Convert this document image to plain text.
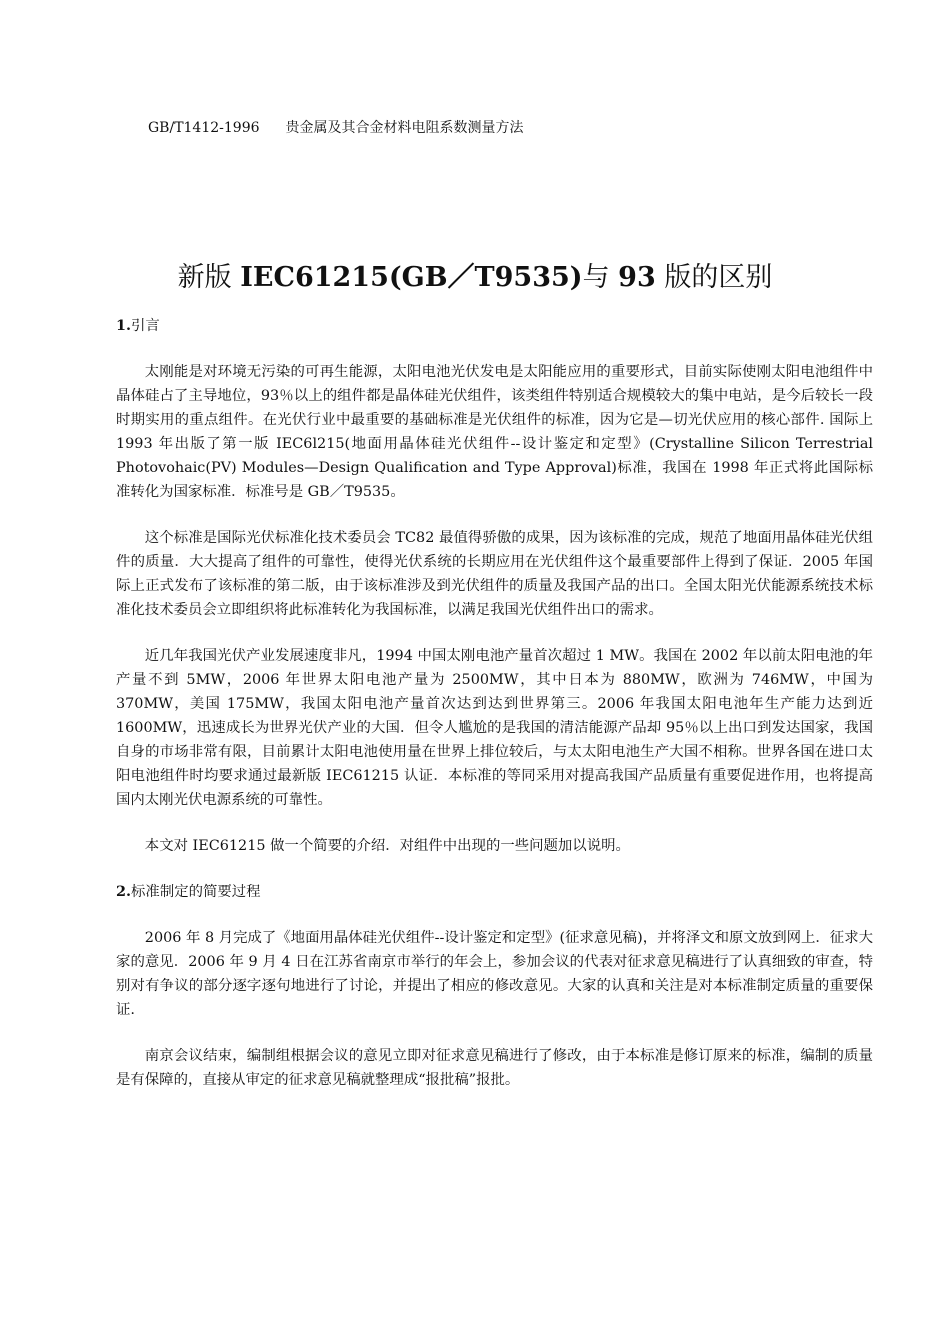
GB/T1412-1996 贵金属及其合金材料电阻系数测量方法
新版 IEC61215(GB／T9535)与 93 版的区别
1.引言

太刚能是对环境无污染的可再生能源，太阳电池光伏发电是太阳能应用的重要形式，目前实际使刚太阳电池组件中晶体硅占了主导地位，93％以上的组件都是晶体硅光伏组件，该类组件特别适合规模较大的集中电站，是今后较长一段时期实用的重点组件。在光伏行业中最重要的基础标准是光伏组件的标准，因为它是—切光伏应用的核心部件. 国际上 1993 年出版了第一版 IEC6l215(地面用晶体硅光伏组件--设计鉴定和定型》(Crystalline Silicon Terrestrial Photovohaic(PV) Modules—Design Qualification and Type Approval)标准，我国在 1998 年正式将此国际标准转化为国家标准．标准号是 GB／T9535。

这个标准是国际光伏标准化技术委员会 TC82 最值得骄傲的成果，因为该标准的完成，规范了地面用晶体硅光伏组件的质量．大大提高了组件的可靠性，使得光伏系统的长期应用在光伏组件这个最重要部件上得到了保证．2005 年国际上正式发布了该标准的第二版，由于该标准涉及到光伏组件的质量及我国产品的出口。全国太阳光伏能源系统技术标准化技术委员会立即组织将此标准转化为我国标准，以满足我国光伏组件出口的需求。

近几年我国光伏产业发展速度非凡，1994 中国太刚电池产量首次超过 1 MW。我国在 2002 年以前太阳电池的年产量不到 5MW，2006 年世界太阳电池产量为 2500MW，其中日本为 880MW，欧洲为 746MW，中国为 370MW，美国 175MW，我国太阳电池产量首次达到达到世界第三。2006 年我国太阳电池年生产能力达到近 1600MW，迅速成长为世界光伏产业的大国．但令人尴尬的是我国的清洁能源产品却 95％以上出口到发达国家，我国自身的市场非常有限，目前累计太阳电池使用量在世界上排位较后，与太太阳电池生产大国不相称。世界各国在进口太阳电池组件时均要求通过最新版 IEC61215 认证．本标准的等同采用对提高我国产品质量有重要促进作用，也将提高国内太刚光伏电源系统的可靠性。

本文对 IEC61215 做一个简要的介绍．对组件中出现的一些问题加以说明。

2.标准制定的简要过程

2006 年 8 月完成了《地面用晶体硅光伏组件--设计鉴定和定型》(征求意见稿)，并将泽文和原文放到网上．征求大家的意见．2006 年 9 月 4 日在江苏省南京市举行的年会上，参加会议的代表对征求意见稿进行了认真细致的审查，特别对有争议的部分逐字逐句地进行了讨论，并提出了相应的修改意见。大家的认真和关注是对本标准制定质量的重要保证.

南京会议结束，编制组根据会议的意见立即对征求意见稿进行了修改，由于本标准是修订原来的标准，编制的质量是有保障的，直接从审定的征求意见稿就整理成“报批稿”报批。
